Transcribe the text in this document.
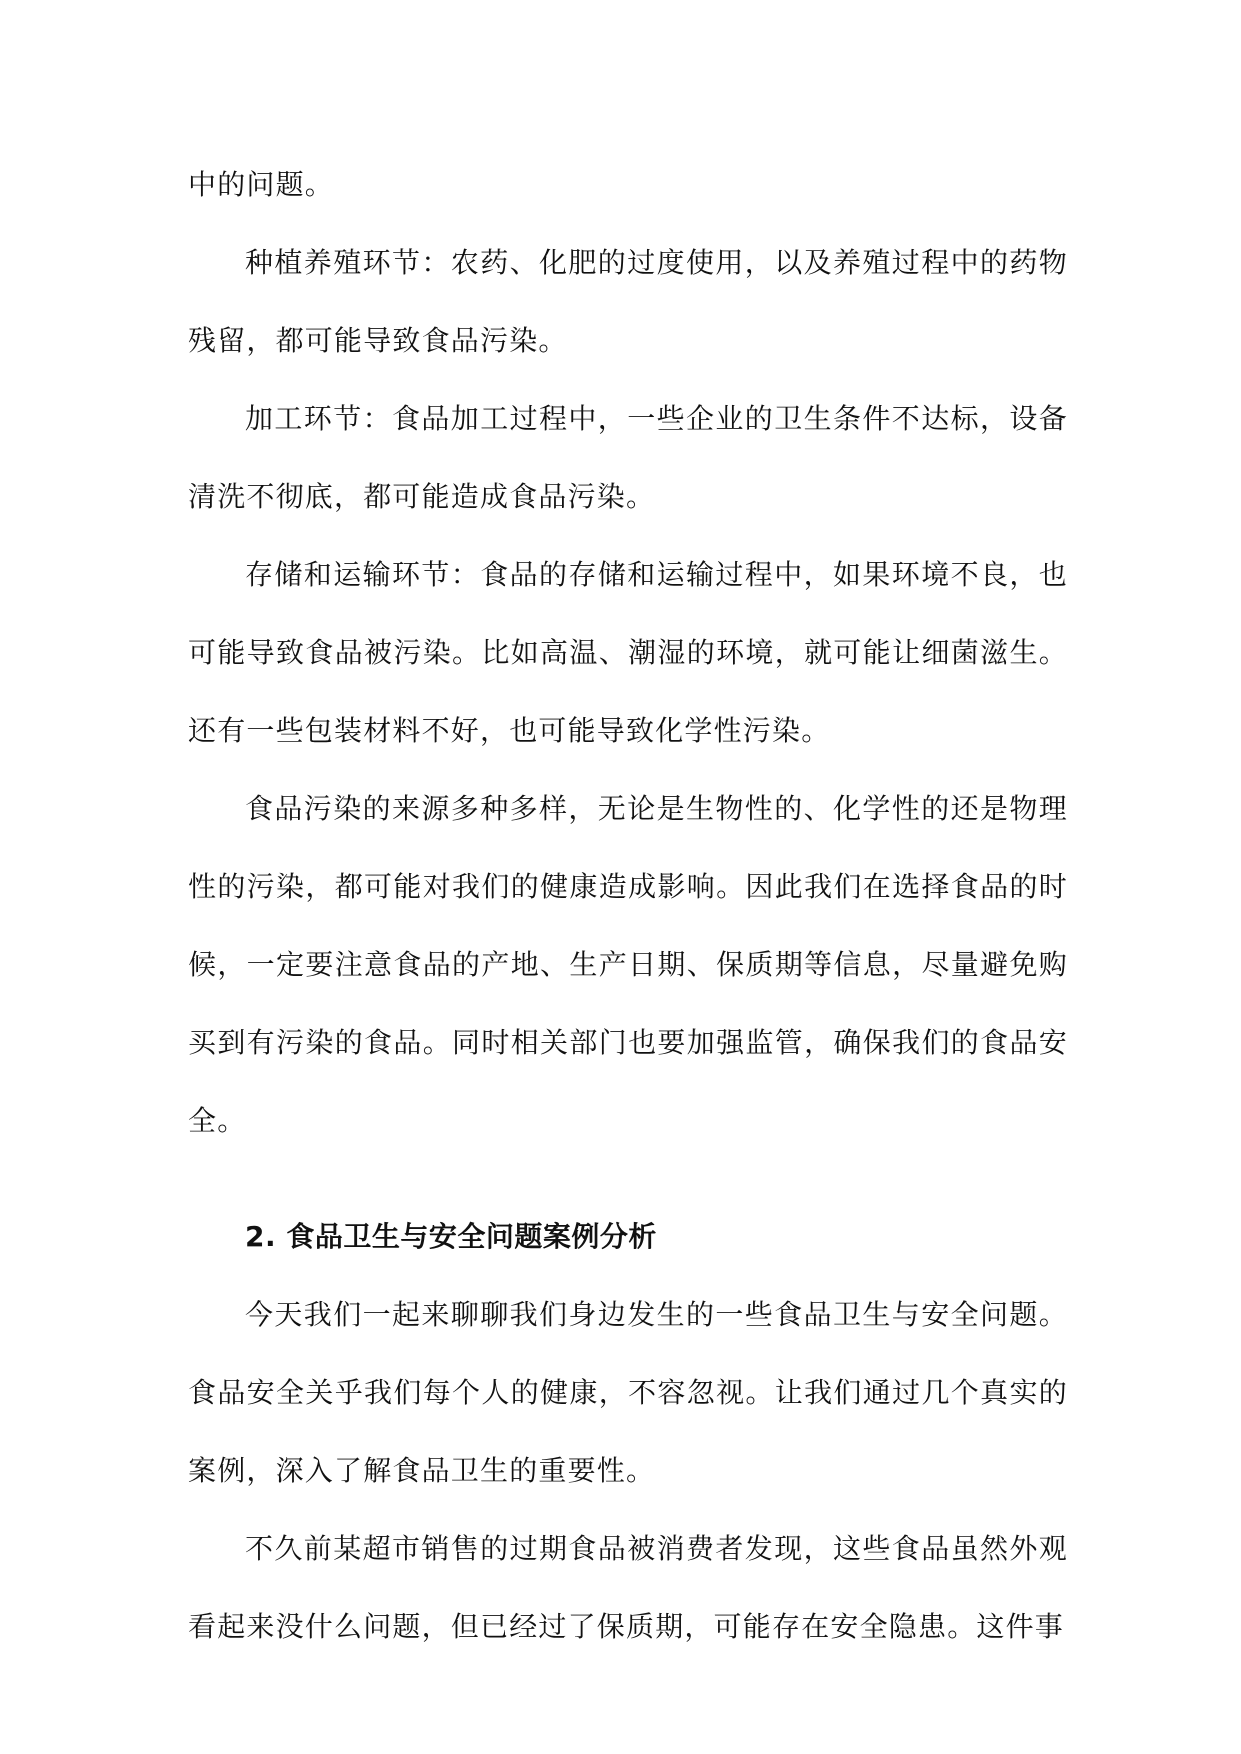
中的问题。

种植养殖环节：农药、化肥的过度使用，以及养殖过程中的药物残留，都可能导致食品污染。

加工环节：食品加工过程中，一些企业的卫生条件不达标，设备清洗不彻底，都可能造成食品污染。

存储和运输环节：食品的存储和运输过程中，如果环境不良，也可能导致食品被污染。比如高温、潮湿的环境，就可能让细菌滋生。还有一些包装材料不好，也可能导致化学性污染。

食品污染的来源多种多样，无论是生物性的、化学性的还是物理性的污染，都可能对我们的健康造成影响。因此我们在选择食品的时候，一定要注意食品的产地、生产日期、保质期等信息，尽量避免购买到有污染的食品。同时相关部门也要加强监管，确保我们的食品安全。

2. 食品卫生与安全问题案例分析

今天我们一起来聊聊我们身边发生的一些食品卫生与安全问题。食品安全关乎我们每个人的健康，不容忽视。让我们通过几个真实的案例，深入了解食品卫生的重要性。

不久前某超市销售的过期食品被消费者发现，这些食品虽然外观看起来没什么问题，但已经过了保质期，可能存在安全隐患。这件事
